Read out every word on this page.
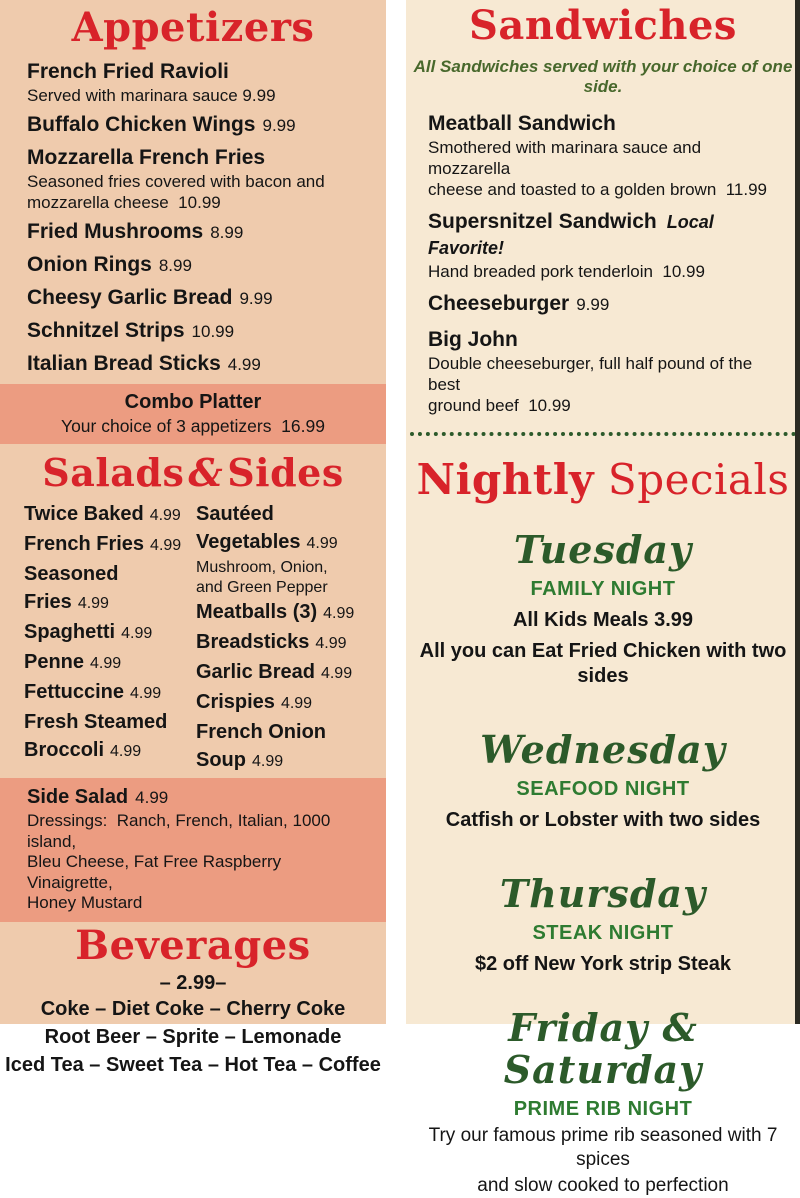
Appetizers
French Fried Ravioli
Served with marinara sauce 9.99
Buffalo Chicken Wings 9.99
Mozzarella French Fries
Seasoned fries covered with bacon and
mozzarella cheese  10.99
Fried Mushrooms 8.99
Onion Rings 8.99
Cheesy Garlic Bread 9.99
Schnitzel Strips 10.99
Italian Bread Sticks 4.99
Combo Platter
Your choice of 3 appetizers  16.99
Salads & Sides
Twice Baked 4.99
French Fries 4.99
Seasoned Fries 4.99
Spaghetti 4.99
Penne 4.99
Fettuccine 4.99
Fresh Steamed Broccoli 4.99
Sautéed Vegetables 4.99
Mushroom, Onion,
and Green Pepper
Meatballs (3) 4.99
Breadsticks 4.99
Garlic Bread 4.99
Crispies 4.99
French Onion Soup 4.99
Side Salad 4.99
Dressings:  Ranch, French, Italian, 1000 island,
Bleu Cheese, Fat Free Raspberry Vinaigrette,
Honey Mustard
Beverages
– 2.99–
Coke – Diet Coke – Cherry Coke
Root Beer – Sprite – Lemonade
Iced Tea – Sweet Tea – Hot Tea – Coffee
Sandwiches
All Sandwiches served with your choice of one side.
Meatball Sandwich
Smothered with marinara sauce and mozzarella
cheese and toasted to a golden brown  11.99
Supersnitzel Sandwich Local Favorite!
Hand breaded pork tenderloin  10.99
Cheeseburger 9.99
Big John
Double cheeseburger, full half pound of the best
ground beef  10.99
Nightly Specials
Tuesday
FAMILY NIGHT
All Kids Meals 3.99
All you can Eat Fried Chicken with two sides
Wednesday
SEAFOOD NIGHT
Catfish or Lobster with two sides
Thursday
STEAK NIGHT
$2 off New York strip Steak
Friday & Saturday
PRIME RIB NIGHT
Try our famous prime rib seasoned with 7 spices
and slow cooked to perfection
